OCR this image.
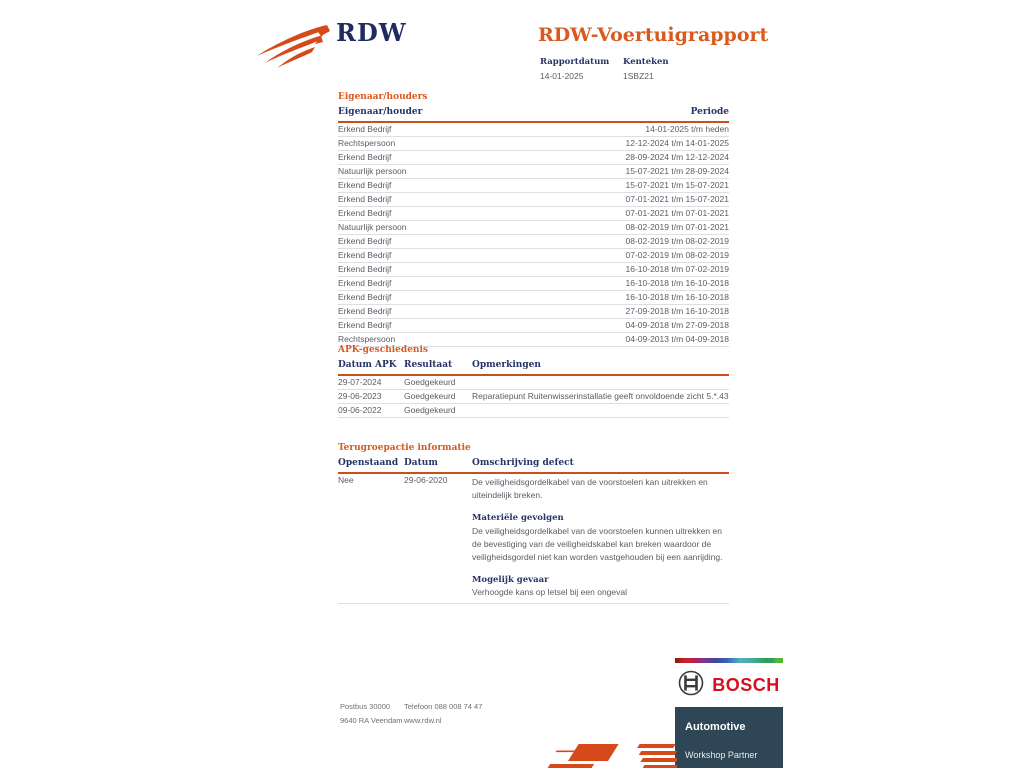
RDW	RDW-Voertuigrapport
Rapportdatum
14-01-2025
Kenteken
1SBZ21
Eigenaar/houders
Eigenaar/houder	Periode
Erkend Bedrijf	14-01-2025 t/m heden
Rechtspersoon	12-12-2024 t/m 14-01-2025
Erkend Bedrijf	28-09-2024 t/m 12-12-2024
Natuurlijk persoon	15-07-2021 t/m 28-09-2024
Erkend Bedrijf	15-07-2021 t/m 15-07-2021
Erkend Bedrijf	07-01-2021 t/m 15-07-2021
Erkend Bedrijf	07-01-2021 t/m 07-01-2021
Natuurlijk persoon	08-02-2019 t/m 07-01-2021
Erkend Bedrijf	08-02-2019 t/m 08-02-2019
Erkend Bedrijf	07-02-2019 t/m 08-02-2019
Erkend Bedrijf	16-10-2018 t/m 07-02-2019
Erkend Bedrijf	16-10-2018 t/m 16-10-2018
Erkend Bedrijf	16-10-2018 t/m 16-10-2018
Erkend Bedrijf	27-09-2018 t/m 16-10-2018
Erkend Bedrijf	04-09-2018 t/m 27-09-2018
Rechtspersoon	04-09-2013 t/m 04-09-2018
APK-geschiedenis
Datum APK	Resultaat	Opmerkingen
29-07-2024	Goedgekeurd	
29-06-2023	Goedgekeurd	Reparatiepunt Ruitenwisserinstallatie geeft onvoldoende zicht 5.*.43
09-06-2022	Goedgekeurd	
Terugroepactie informatie
Openstaand	Datum	Omschrijving defect
Nee	29-06-2020	De veiligheidsgordelkabel van de voorstoelen kan uitrekken en uiteindelijk breken.
Materiële gevolgen
De veiligheidsgordelkabel van de voorstoelen kunnen uitrekken en de bevestiging van de veiligheidskabel kan breken waardoor de veiligheidsgordel niet kan worden vastgehouden bij een aanrijding.
Mogelijk gevaar
Verhoogde kans op letsel bij een ongeval
Postbus 30000
9640 RA Veendam
Telefoon 088 008 74 47
www.rdw.nl
BOSCH
Automotive
Workshop Partner
